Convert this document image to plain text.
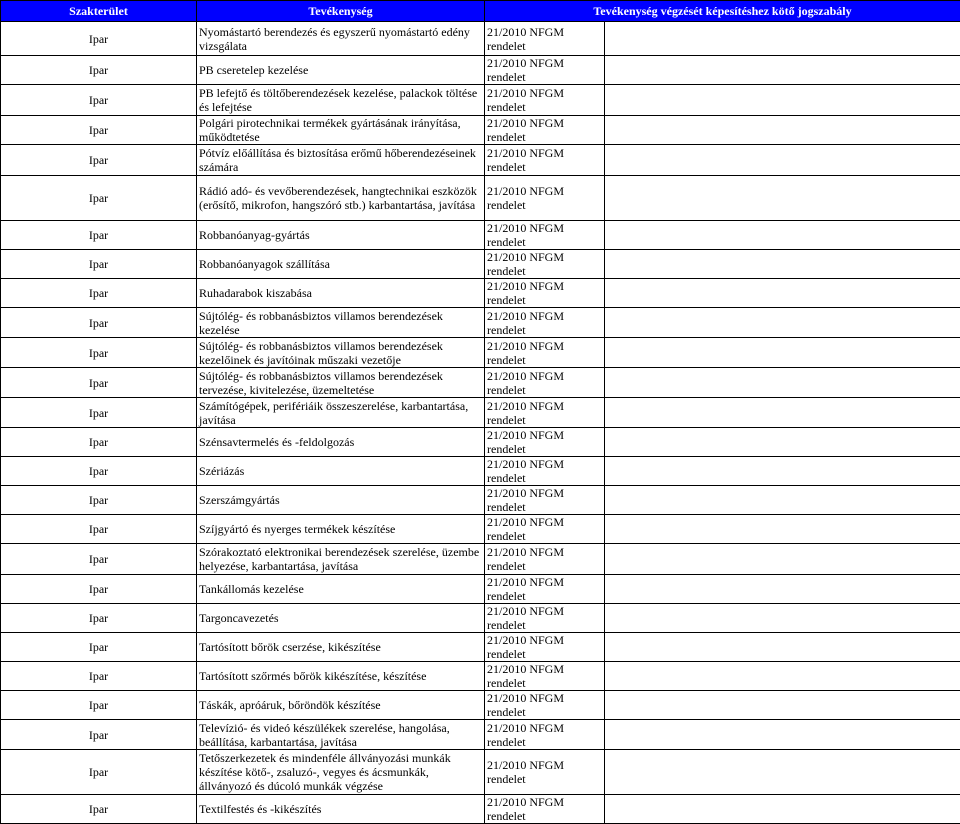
Szakterület	Tevékenység	Tevékenység végzését képesítéshez kötő jogszabály	
Ipar	Nyomástartó berendezés és egyszerű nyomástartó edény vizsgálata	21/2010 NFGM rendelet	
Ipar	PB cseretelep kezelése	21/2010 NFGM rendelet	
Ipar	PB lefejtő és töltőberendezések kezelése, palackok töltése és lefejtése	21/2010 NFGM rendelet	
Ipar	Polgári pirotechnikai termékek gyártásának irányítása, működtetése	21/2010 NFGM rendelet	
Ipar	Pótvíz előállítása és biztosítása erőmű hőberendezéseinek számára	21/2010 NFGM rendelet	
Ipar	Rádió adó- és vevőberendezések, hangtechnikai eszközök (erősítő, mikrofon, hangszóró stb.) karbantartása, javítása	21/2010 NFGM rendelet	
Ipar	Robbanóanyag-gyártás	21/2010 NFGM rendelet	
Ipar	Robbanóanyagok szállítása	21/2010 NFGM rendelet	
Ipar	Ruhadarabok kiszabása	21/2010 NFGM rendelet	
Ipar	Sújtólég- és robbanásbiztos villamos berendezések kezelése	21/2010 NFGM rendelet	
Ipar	Sújtólég- és robbanásbiztos villamos berendezések kezelőinek és javítóinak műszaki vezetője	21/2010 NFGM rendelet	
Ipar	Sújtólég- és robbanásbiztos villamos berendezések tervezése, kivitelezése, üzemeltetése	21/2010 NFGM rendelet	
Ipar	Számítógépek, perifériáik összeszerelése, karbantartása, javítása	21/2010 NFGM rendelet	
Ipar	Szénsavtermelés és -feldolgozás	21/2010 NFGM rendelet	
Ipar	Szériázás	21/2010 NFGM rendelet	
Ipar	Szerszámgyártás	21/2010 NFGM rendelet	
Ipar	Szíjgyártó és nyerges termékek készítése	21/2010 NFGM rendelet	
Ipar	Szórakoztató elektronikai berendezések szerelése, üzembe helyezése, karbantartása, javítása	21/2010 NFGM rendelet	
Ipar	Tankállomás kezelése	21/2010 NFGM rendelet	
Ipar	Targoncavezetés	21/2010 NFGM rendelet	
Ipar	Tartósított bőrök cserzése, kikészítése	21/2010 NFGM rendelet	
Ipar	Tartósított szőrmés bőrök kikészítése, készítése	21/2010 NFGM rendelet	
Ipar	Táskák, apróáruk, bőröndök készítése	21/2010 NFGM rendelet	
Ipar	Televízió- és videó készülékek szerelése, hangolása, beállítása, karbantartása, javítása	21/2010 NFGM rendelet	
Ipar	Tetőszerkezetek és mindenféle állványozási munkák készítése kötő-, zsaluzó-, vegyes és ácsmunkák, állványozó és dúcoló munkák végzése	21/2010 NFGM rendelet	
Ipar	Textilfestés és -kikészítés	21/2010 NFGM rendelet	
